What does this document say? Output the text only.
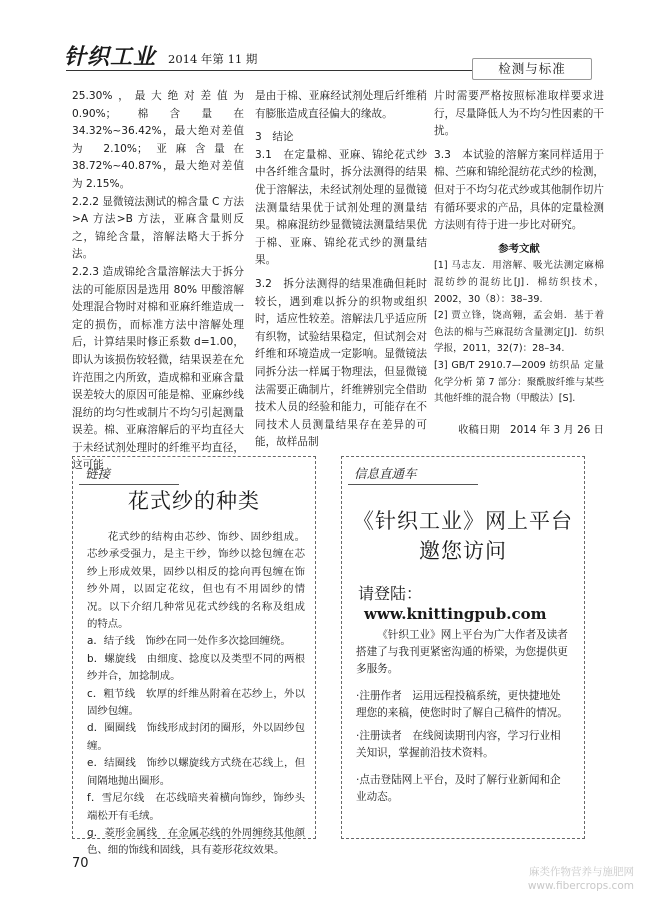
针织工业 2014 年第 11 期
检测与标准

25.30%，最大绝对差值为 0.90%；棉含量在 34.32%~36.42%，最大绝对差值为 2.10%；亚麻含量在 38.72%~40.87%，最大绝对差值为 2.15%。

2.2.2 显微镜法测试的棉含量 C 方法>A 方法>B 方法，亚麻含量则反之，锦纶含量，溶解法略大于拆分法。

2.2.3 造成锦纶含量溶解法大于拆分法的可能原因是选用 80% 甲酸溶解处理混合物时对棉和亚麻纤维造成一定的损伤，而标准方法中溶解处理后，计算结果时修正系数 d=1.00，即认为该损伤较轻微，结果误差在允许范围之内所致，造成棉和亚麻含量误差较大的原因可能是棉、亚麻纱线混纺的均匀性或制片不均匀引起测量误差。棉、亚麻溶解后的平均直径大于未经试剂处理时的纤维平均直径，这可能

是由于棉、亚麻经试剂处理后纤维稍有膨胀造成直径偏大的缘故。

3　结论

3.1　在定量棉、亚麻、锦纶花式纱中各纤维含量时，拆分法测得的结果优于溶解法，未经试剂处理的显微镜法测量结果优于试剂处理的测量结果。棉麻混纺纱显微镜法测量结果优于棉、亚麻、锦纶花式纱的测量结果。

3.2　拆分法测得的结果准确但耗时较长，遇到难以拆分的织物或组织时，适应性较差。溶解法几乎适应所有织物，试验结果稳定，但试剂会对纤维和环境造成一定影响。显微镜法同拆分法一样属于物理法，但显微镜法需要正确制片，纤维辨别完全借助技术人员的经验和能力，可能存在不同技术人员测量结果存在差异的可能，故样品制

片时需要严格按照标准取样要求进行，尽量降低人为不均匀性因素的干扰。

3.3　本试验的溶解方案同样适用于棉、苎麻和锦纶混纺花式纱的检测，但对于不均匀花式纱或其他制作切片有循环要求的产品，具体的定量检测方法则有待于进一步比对研究。

参考文献

[1] 马志友．用溶解、吸光法测定麻棉混纺纱的混纺比[J]．棉纺织技术，2002，30（8）：38–39.

[2] 贾立锋，饶高翱，孟会娟．基于着色法的棉与苎麻混纺含量测定[J]．纺织学报，2011，32(7)：28–34.

[3] GB/T 2910.7—2009 纺织品 定量化学分析 第 7 部分：聚酰胺纤维与某些其他纤维的混合物（甲酸法）[S].

收稿日期　2014 年 3 月 26 日
链接
花式纱的种类

花式纱的结构由芯纱、饰纱、固纱组成。芯纱承受强力，是主干纱，饰纱以捻包缠在芯纱上形成效果，固纱以相反的捻向再包缠在饰纱外周，以固定花纹，但也有不用固纱的情况。以下介绍几种常见花式纱线的名称及组成的特点。

a．结子线　饰纱在同一处作多次捻回缠绕。

b．螺旋线　由细度、捻度以及类型不同的两根纱并合，加捻制成。

c．粗节线　软厚的纤维丛附着在芯纱上，外以固纱包缠。

d．圈圈线　饰线形成封闭的圈形，外以固纱包缠。

e．结圈线　饰纱以螺旋线方式绕在芯线上，但间隔地抛出圈形。

f．雪尼尔线　在芯线暗夹着横向饰纱，饰纱头端松开有毛绒。

g．菱形金属线　在金属芯线的外周缠绕其他颜色、细的饰线和固线，具有菱形花纹效果。

信息直通车
《针织工业》网上平台
邀您访问
请登陆：www.knittingpub.com

《针织工业》网上平台为广大作者及读者搭建了与我刊更紧密沟通的桥梁，为您提供更多服务。

·注册作者　运用远程投稿系统，更快捷地处理您的来稿，使您时时了解自己稿件的情况。

·注册读者　在线阅读期刊内容，学习行业相关知识，掌握前沿技术资料。

·点击登陆网上平台，及时了解行业新闻和企业动态。

70
麻类作物营养与施肥网
www.fibercrops.com
